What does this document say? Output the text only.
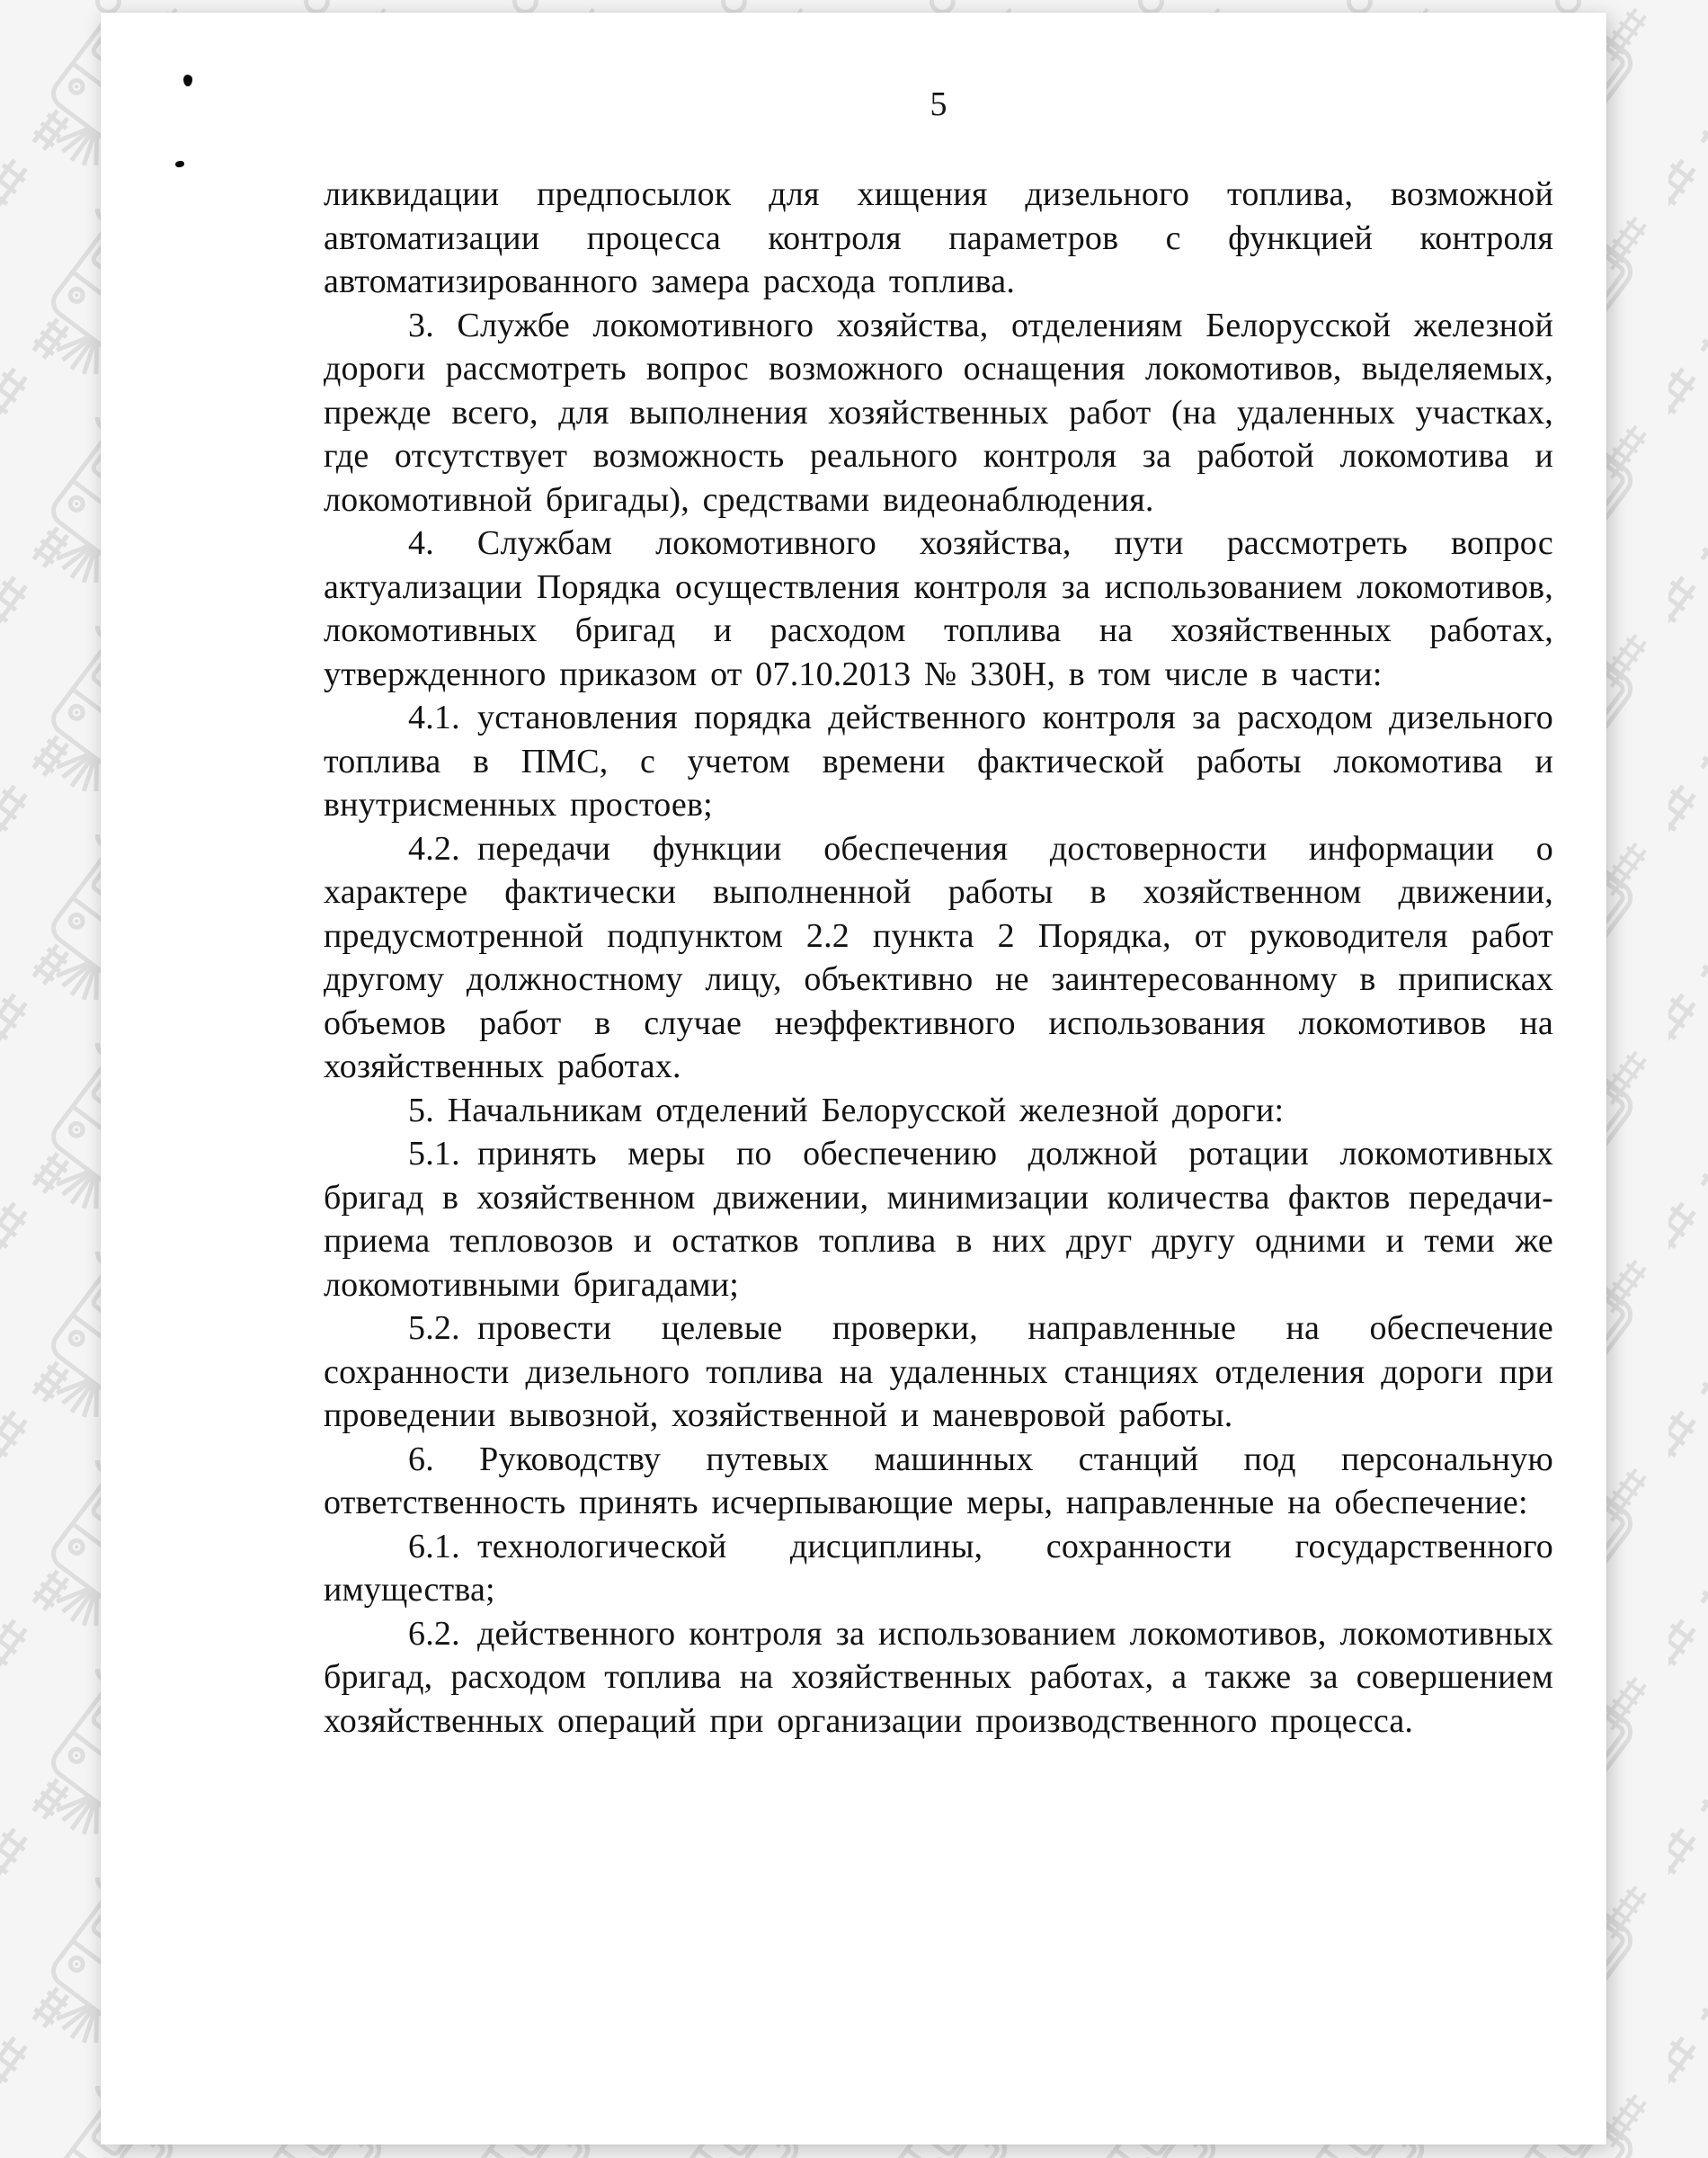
5

ликвидации предпосылок для хищения дизельного топлива, возможной автоматизации процесса контроля параметров с функцией контроля автоматизированного замера расхода топлива.

3. Службе локомотивного хозяйства, отделениям Белорусской железной дороги рассмотреть вопрос возможного оснащения локомотивов, выделяемых, прежде всего, для выполнения хозяйственных работ (на удаленных участках, где отсутствует возможность реального контроля за работой локомотива и локомотивной бригады), средствами видеонаблюдения.

4. Службам локомотивного хозяйства, пути рассмотреть вопрос актуализации Порядка осуществления контроля за использованием локомотивов, локомотивных бригад и расходом топлива на хозяйственных работах, утвержденного приказом от 07.10.2013 № 330Н, в том числе в части:

4.1. установления порядка действенного контроля за расходом дизельного топлива в ПМС, с учетом времени фактической работы локомотива и внутрисменных простоев;

4.2. передачи функции обеспечения достоверности информации о характере фактически выполненной работы в хозяйственном движении, предусмотренной подпунктом 2.2 пункта 2 Порядка, от руководителя работ другому должностному лицу, объективно не заинтересованному в приписках объемов работ в случае неэффективного использования локомотивов на хозяйственных работах.

5. Начальникам отделений Белорусской железной дороги:

5.1. принять меры по обеспечению должной ротации локомотивных бригад в хозяйственном движении, минимизации количества фактов передачи-приема тепловозов и остатков топлива в них друг другу одними и теми же локомотивными бригадами;

5.2. провести целевые проверки, направленные на обеспечение сохранности дизельного топлива на удаленных станциях отделения дороги при проведении вывозной, хозяйственной и маневровой работы.

6. Руководству путевых машинных станций под персональную ответственность принять исчерпывающие меры, направленные на обеспечение:

6.1. технологической дисциплины, сохранности государственного имущества;

6.2. действенного контроля за использованием локомотивов, локомотивных бригад, расходом топлива на хозяйственных работах, а также за совершением хозяйственных операций при организации производственного процесса.
